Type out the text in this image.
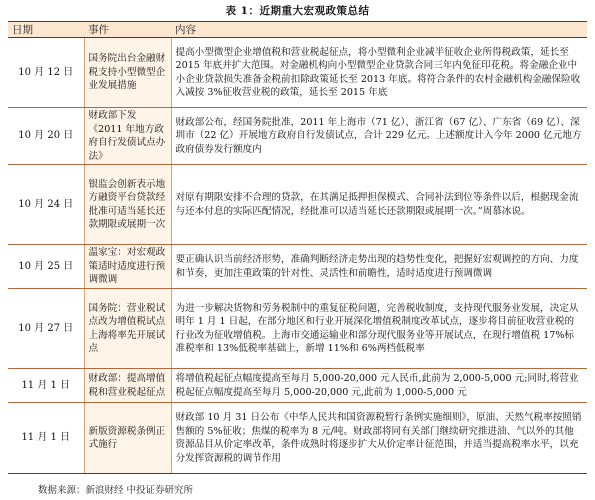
表 1：近期重大宏观政策总结
日期	事件	内容
10 月 12 日	国务院出台金融财税支持小型微型企业发展措施	提高小型微型企业增值税和营业税起征点，将小型微利企业减半征收企业所得税政策，延长至 2015 年底并扩大范围。对金融机构向小型微型企业贷款合同三年内免征印花税。将金融企业中小企业贷款损失准备金税前扣除政策延长至 2013 年底。将符合条件的农村金融机构金融保险收入减按 3%征收营业税的政策，延长至 2015 年底
10 月 20 日	财政部下发《2011 年地方政府自行发债试点办法》	财政部公布，经国务院批准，2011 年上海市（71 亿）、浙江省（67 亿）、广东省（69 亿）、深圳市（22 亿）开展地方政府自行发债试点，合计 229 亿元。上述额度计入今年 2000 亿元地方政府债券发行额度内
10 月 24 日	银监会创新表示地方融资平台贷款经批准可适当延长还款期限或展期一次	对原有期限安排不合理的贷款，在其满足抵押担保模式、合同补法到位等条件以后，根据现金流与还本付息的实际匹配情况，经批准可以适当延长还款期限或展期一次。”周慕冰说。
10 月 25 日	温家宝：对宏观政策适时适度进行预调微调	要正确认识当前经济形势，准确判断经济走势出现的趋势性变化，把握好宏观调控的方向、力度和节奏，更加注重政策的针对性、灵活性和前瞻性，适时适度进行预调微调
10 月 27 日	国务院：营业税试点改为增值税试点 上海将率先开展试点	为进一步解决货物和劳务税制中的重复征税问题，完善税收制度，支持现代服务业发展，决定从明年 1 月 1 日起，在部分地区和行业开展深化增值税制度改革试点，逐步将目前征收营业税的行业改为征收增值税。上海市交通运输业和部分现代服务业等开展试点，在现行增值税 17%标准税率和 13%低税率基础上，新增 11%和 6%两档低税率
11 月 1 日	财政部：提高增值税和营业税起征点	将增值税起征点幅度提高至每月 5,000-20,000 元人民币,此前为 2,000-5,000 元;同时,将营业税起征点幅度提高至每月 5,000-20,000 元,此前为 1,000-5,000 元
11 月 1 日	新版资源税条例正式施行	财政部 10 月 31 日公布《中华人民共和国资源税暂行条例实施细则》，原油、天然气税率按照销售额的 5%征收；焦煤的税率为 8 元/吨。财政部将同有关部门继续研究推进油、气以外的其他资源品目从价定率改革，条件成熟时将逐步扩大从价定率计征范围，并适当提高税率水平，以充分发挥资源税的调节作用
数据来源：新浪财经 中投证券研究所
